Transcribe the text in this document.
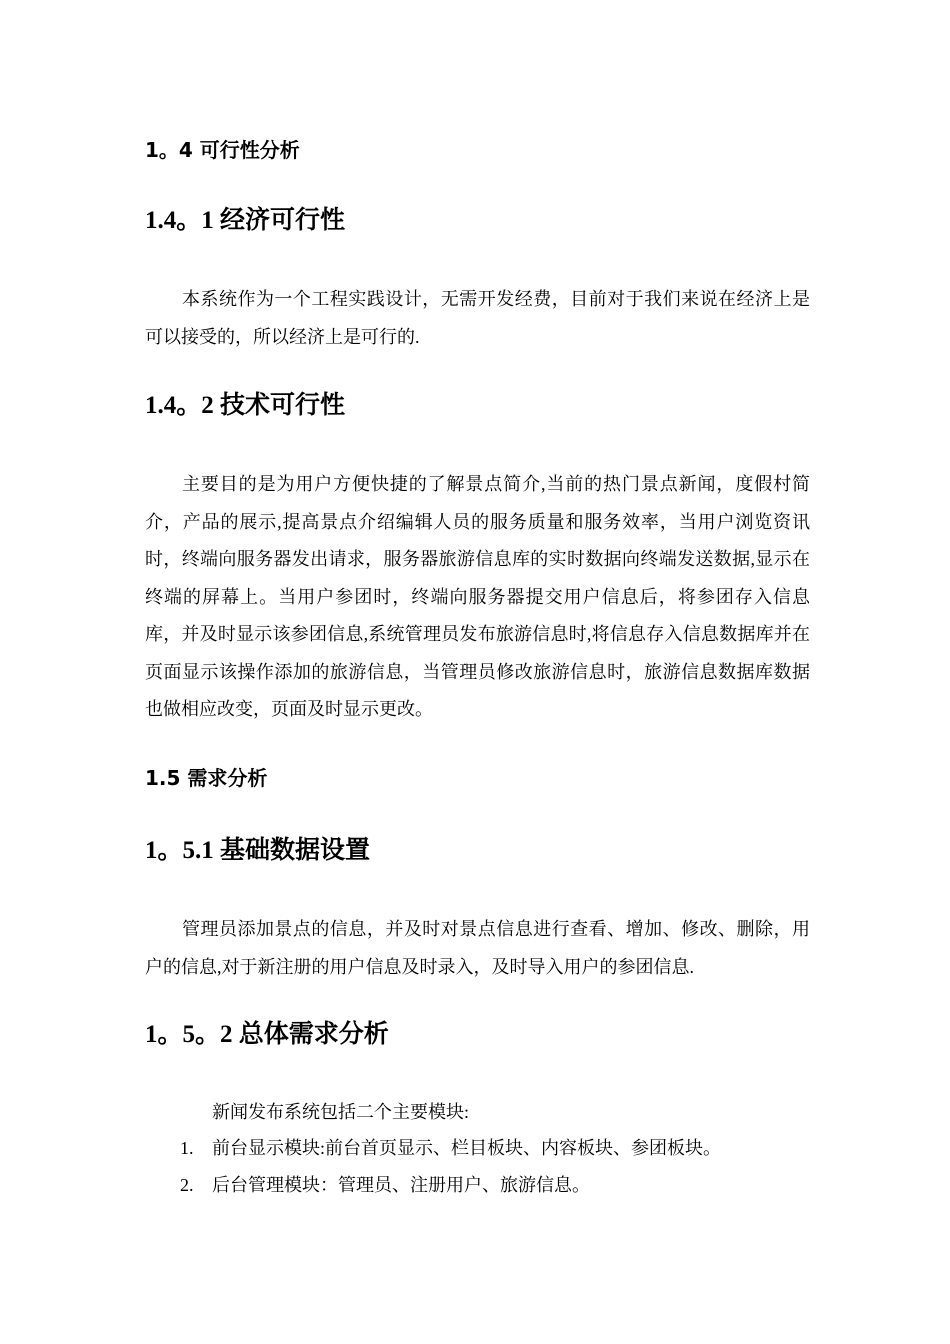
1。4 可行性分析
1.4。1 经济可行性
本系统作为一个工程实践设计，无需开发经费，目前对于我们来说在经济上是可以接受的，所以经济上是可行的.
1.4。2 技术可行性
主要目的是为用户方便快捷的了解景点简介,当前的热门景点新闻，度假村简介，产品的展示,提高景点介绍编辑人员的服务质量和服务效率，当用户浏览资讯时，终端向服务器发出请求，服务器旅游信息库的实时数据向终端发送数据,显示在终端的屏幕上。当用户参团时，终端向服务器提交用户信息后，将参团存入信息库，并及时显示该参团信息,系统管理员发布旅游信息时,将信息存入信息数据库并在页面显示该操作添加的旅游信息，当管理员修改旅游信息时，旅游信息数据库数据也做相应改变，页面及时显示更改。
1.5 需求分析
1。5.1 基础数据设置
管理员添加景点的信息，并及时对景点信息进行查看、增加、修改、删除，用户的信息,对于新注册的用户信息及时录入，及时导入用户的参团信息.
1。5。2 总体需求分析
新闻发布系统包括二个主要模块:
1. 前台显示模块:前台首页显示、栏目板块、内容板块、参团板块。
2. 后台管理模块：管理员、注册用户、旅游信息。
